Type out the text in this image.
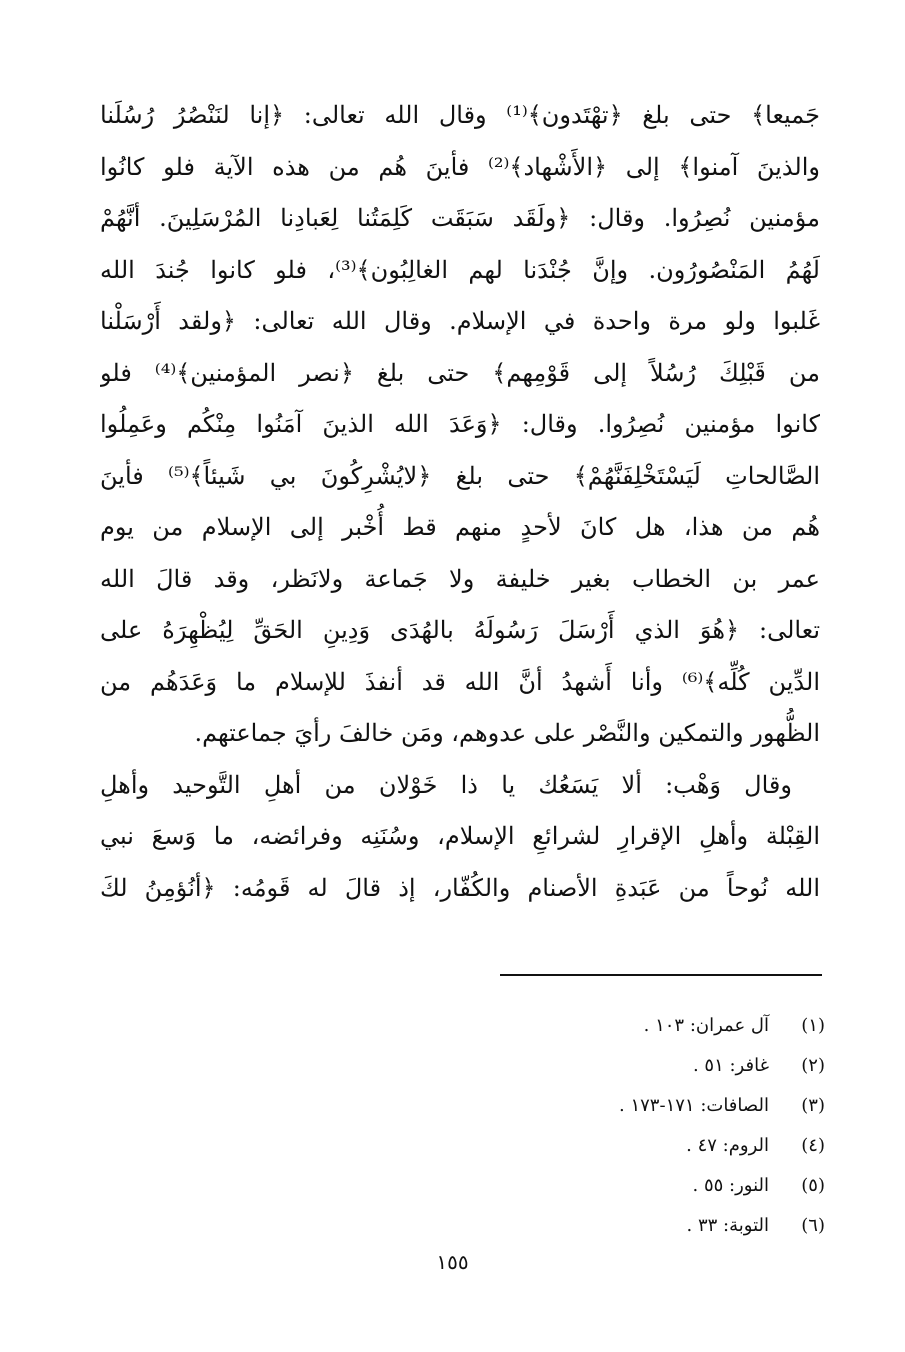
جَميعا﴾ حتى بلغ ﴿تهْتَدون﴾⁽¹⁾ وقال الله تعالى: ﴿إنا لنَنْصُرُ رُسُلَنا
والذينَ آمنوا﴾ إلى ﴿الأَشْهاد﴾⁽²⁾ فأينَ هُم من هذه الآية فلو كانُوا
مؤمنين نُصِرُوا. وقال: ﴿ولَقَد سَبَقَت كَلِمَتُنا لِعَبادِنا المُرْسَلِينَ. أنَّهُمْ
لَهُمُ المَنْصُورُون. وإنَّ جُنْدَنا لهم الغالِبُون﴾⁽³⁾، فلو كانوا جُندَ الله
غَلبوا ولو مرة واحدة في الإسلام. وقال الله تعالى: ﴿ولقد أَرْسَلْنا
من قَبْلِكَ رُسُلاً إلى قَوْمِهم﴾ حتى بلغ ﴿نصر المؤمنين﴾⁽⁴⁾ فلو
كانوا مؤمنين نُصِرُوا. وقال: ﴿وَعَدَ الله الذينَ آمَنُوا مِنْكُم وعَمِلُوا
الصَّالحاتِ لَيَسْتَخْلِفَنَّهُمْ﴾ حتى بلغ ﴿لايُشْرِكُونَ بي شَيئاً﴾⁽⁵⁾ فأينَ
هُم من هذا، هل كانَ لأحدٍ منهم قط أُخْبر إلى الإسلام من يوم
عمر بن الخطاب بغير خليفة ولا جَماعة ولانَظر، وقد قالَ الله
تعالى: ﴿هُوَ الذي أَرْسَلَ رَسُولَهُ بالهُدَى وَدِينِ الحَقِّ لِيُظْهِرَهُ على
الدِّين كُلِّه﴾⁽⁶⁾ وأنا أَشهدُ أنَّ الله قد أنفذَ للإسلام ما وَعَدَهُم من
الظُّهور والتمكين والنَّصْر على عدوهم، ومَن خالفَ رأيَ جماعتهم.
وقال وَهْب: ألا يَسَعُك يا ذا خَوْلان من أهلِ التَّوحيد وأهلِ
القِبْلة وأهلِ الإقرارِ لشرائعِ الإسلام، وسُنَنِه وفرائضه، ما وَسعَ نبي
الله نُوحاً من عَبَدةِ الأصنام والكُفّار، إذ قالَ له قَومُه: ﴿أنُؤمِنُ لكَ
(١)
آل عمران: ١٠٣ .
(٢)
غافر: ٥١ .
(٣)
الصافات: ١٧١-١٧٣ .
(٤)
الروم: ٤٧ .
(٥)
النور: ٥٥ .
(٦)
التوبة: ٣٣ .
١٥٥
